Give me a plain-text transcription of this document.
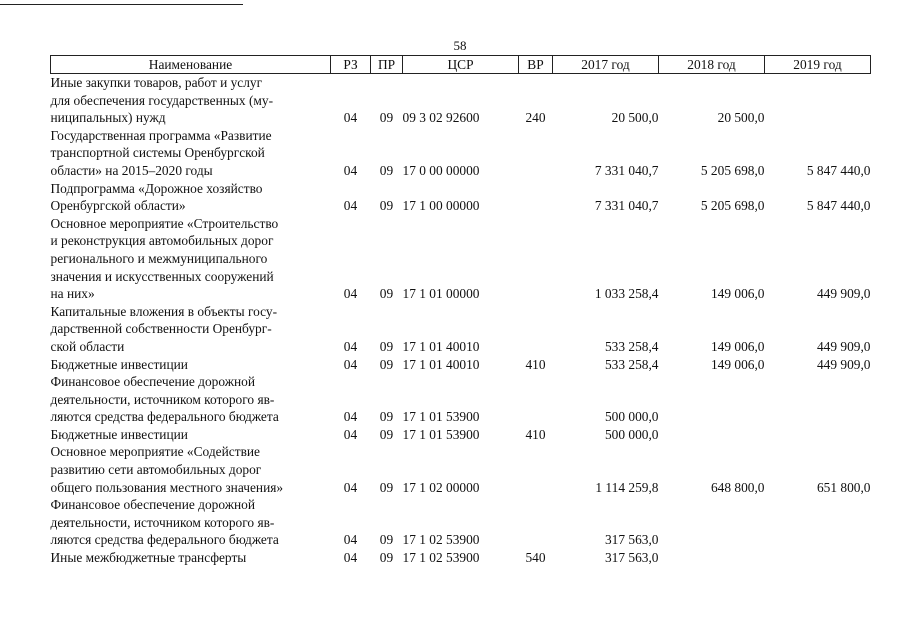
58
Наименование	РЗ	ПР	ЦСР	ВР	2017 год	2018 год	2019 год

Иные закупки товаров, работ и услуг
для обеспечения государственных (му-
ниципальных) нужд	04	09	09 3 02 92600	240	20 500,0	20 500,0	

Государственная программа «Развитие
транспортной системы Оренбургской
области» на 2015–2020 годы	04	09	17 0 00 00000		7 331 040,7	5 205 698,0	5 847 440,0

Подпрограмма «Дорожное хозяйство
Оренбургской области»	04	09	17 1 00 00000		7 331 040,7	5 205 698,0	5 847 440,0

Основное мероприятие «Строительство
и реконструкция автомобильных дорог
регионального и межмуниципального
значения и искусственных сооружений
на них»	04	09	17 1 01 00000		1 033 258,4	149 006,0	449 909,0

Капитальные вложения в объекты госу-
дарственной собственности Оренбург-
ской области	04	09	17 1 01 40010		533 258,4	149 006,0	449 909,0

Бюджетные инвестиции	04	09	17 1 01 40010	410	533 258,4	149 006,0	449 909,0

Финансовое обеспечение дорожной
деятельности, источником которого яв-
ляются средства федерального бюджета	04	09	17 1 01 53900		500 000,0		

Бюджетные инвестиции	04	09	17 1 01 53900	410	500 000,0		

Основное мероприятие «Содействие
развитию сети автомобильных дорог
общего пользования местного значения»	04	09	17 1 02 00000		1 114 259,8	648 800,0	651 800,0

Финансовое обеспечение дорожной
деятельности, источником которого яв-
ляются средства федерального бюджета	04	09	17 1 02 53900		317 563,0		

Иные межбюджетные трансферты	04	09	17 1 02 53900	540	317 563,0		
